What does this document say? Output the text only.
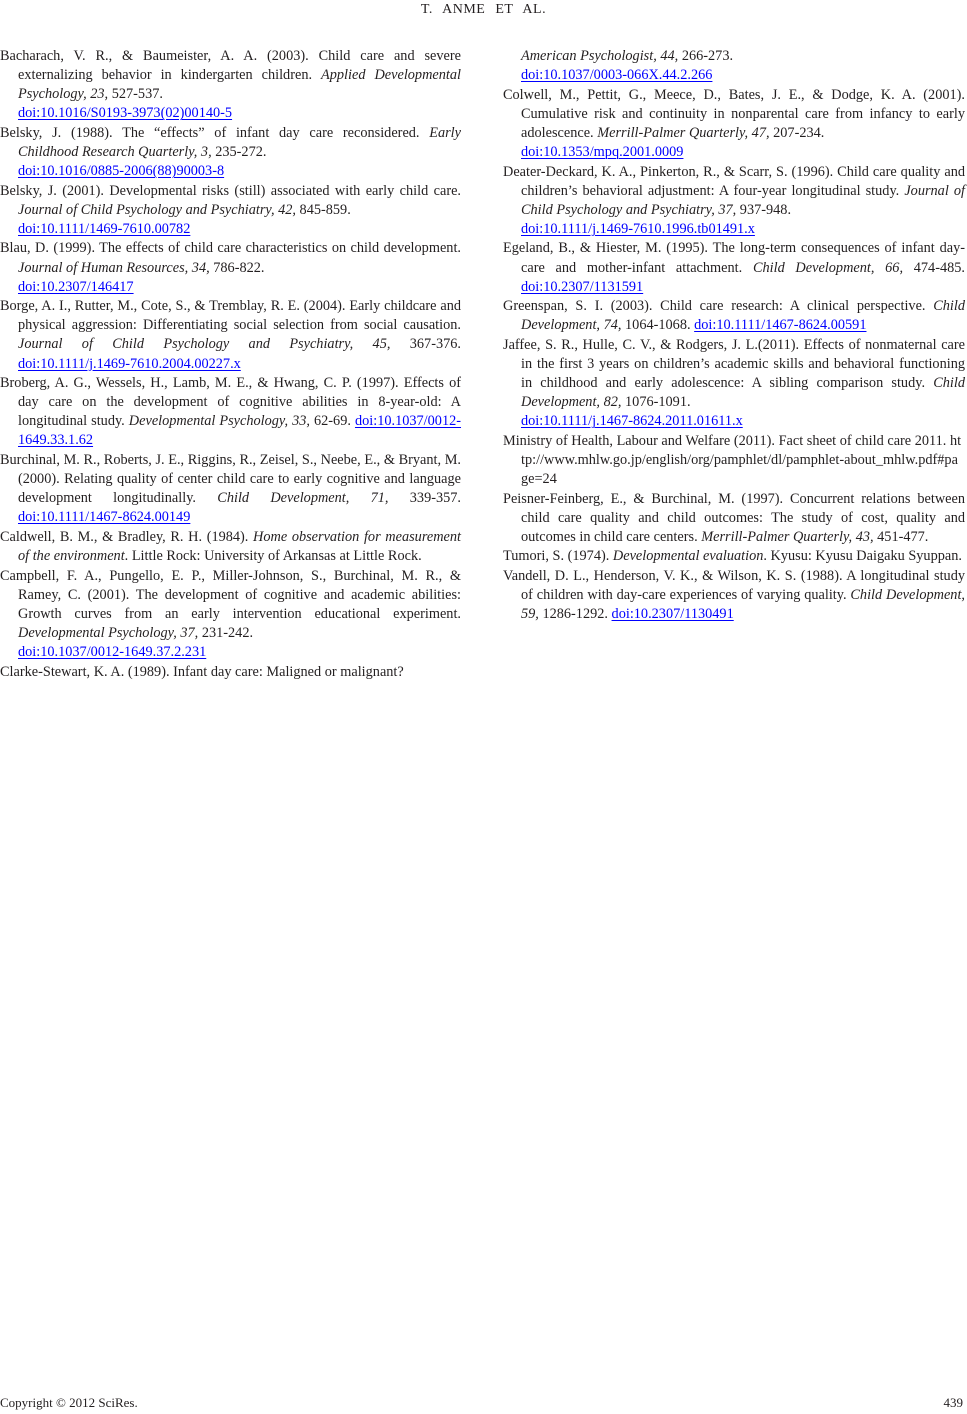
T. ANME ET AL.

Bacharach, V. R., & Baumeister, A. A. (2003). Child care and severe externalizing behavior in kindergarten children. Applied Developmental Psychology, 23, 527-537.
doi:10.1016/S0193-3973(02)00140-5

Belsky, J. (1988). The “effects” of infant day care reconsidered. Early Childhood Research Quarterly, 3, 235-272.
doi:10.1016/0885-2006(88)90003-8

Belsky, J. (2001). Developmental risks (still) associated with early child care. Journal of Child Psychology and Psychiatry, 42, 845-859.
doi:10.1111/1469-7610.00782

Blau, D. (1999). The effects of child care characteristics on child development. Journal of Human Resources, 34, 786-822.
doi:10.2307/146417

Borge, A. I., Rutter, M., Cote, S., & Tremblay, R. E. (2004). Early childcare and physical aggression: Differentiating social selection from social causation. Journal of Child Psychology and Psychiatry, 45, 367-376. doi:10.1111/j.1469-7610.2004.00227.x

Broberg, A. G., Wessels, H., Lamb, M. E., & Hwang, C. P. (1997). Effects of day care on the development of cognitive abilities in 8-year-old: A longitudinal study. Developmental Psychology, 33, 62-69. doi:10.1037/0012-1649.33.1.62

Burchinal, M. R., Roberts, J. E., Riggins, R., Zeisel, S., Neebe, E., & Bryant, M. (2000). Relating quality of center child care to early cognitive and language development longitudinally. Child Development, 71, 339-357. doi:10.1111/1467-8624.00149

Caldwell, B. M., & Bradley, R. H. (1984). Home observation for measurement of the environment. Little Rock: University of Arkansas at Little Rock.

Campbell, F. A., Pungello, E. P., Miller-Johnson, S., Burchinal, M. R., & Ramey, C. (2001). The development of cognitive and academic abilities: Growth curves from an early intervention educational experiment. Developmental Psychology, 37, 231-242.
doi:10.1037/0012-1649.37.2.231

Clarke-Stewart, K. A. (1989). Infant day care: Maligned or malignant?

American Psychologist, 44, 266-273.
doi:10.1037/0003-066X.44.2.266

Colwell, M., Pettit, G., Meece, D., Bates, J. E., & Dodge, K. A. (2001). Cumulative risk and continuity in nonparental care from infancy to early adolescence. Merrill-Palmer Quarterly, 47, 207-234.
doi:10.1353/mpq.2001.0009

Deater-Deckard, K. A., Pinkerton, R., & Scarr, S. (1996). Child care quality and children’s behavioral adjustment: A four-year longitudinal study. Journal of Child Psychology and Psychiatry, 37, 937-948.
doi:10.1111/j.1469-7610.1996.tb01491.x

Egeland, B., & Hiester, M. (1995). The long-term consequences of infant day-care and mother-infant attachment. Child Development, 66, 474-485. doi:10.2307/1131591

Greenspan, S. I. (2003). Child care research: A clinical perspective. Child Development, 74, 1064-1068. doi:10.1111/1467-8624.00591

Jaffee, S. R., Hulle, C. V., & Rodgers, J. L.(2011). Effects of nonmaternal care in the first 3 years on children’s academic skills and behavioral functioning in childhood and early adolescence: A sibling comparison study. Child Development, 82, 1076-1091.
doi:10.1111/j.1467-8624.2011.01611.x

Ministry of Health, Labour and Welfare (2011). Fact sheet of child care 2011. http://www.mhlw.go.jp/english/org/pamphlet/dl/pamphlet-about_mhlw.pdf#page=24

Peisner-Feinberg, E., & Burchinal, M. (1997). Concurrent relations between child care quality and child outcomes: The study of cost, quality and outcomes in child care centers. Merrill-Palmer Quarterly, 43, 451-477.

Tumori, S. (1974). Developmental evaluation. Kyusu: Kyusu Daigaku Syuppan.

Vandell, D. L., Henderson, V. K., & Wilson, K. S. (1988). A longitudinal study of children with day-care experiences of varying quality. Child Development, 59, 1286-1292. doi:10.2307/1130491

Copyright © 2012 SciRes.	439
